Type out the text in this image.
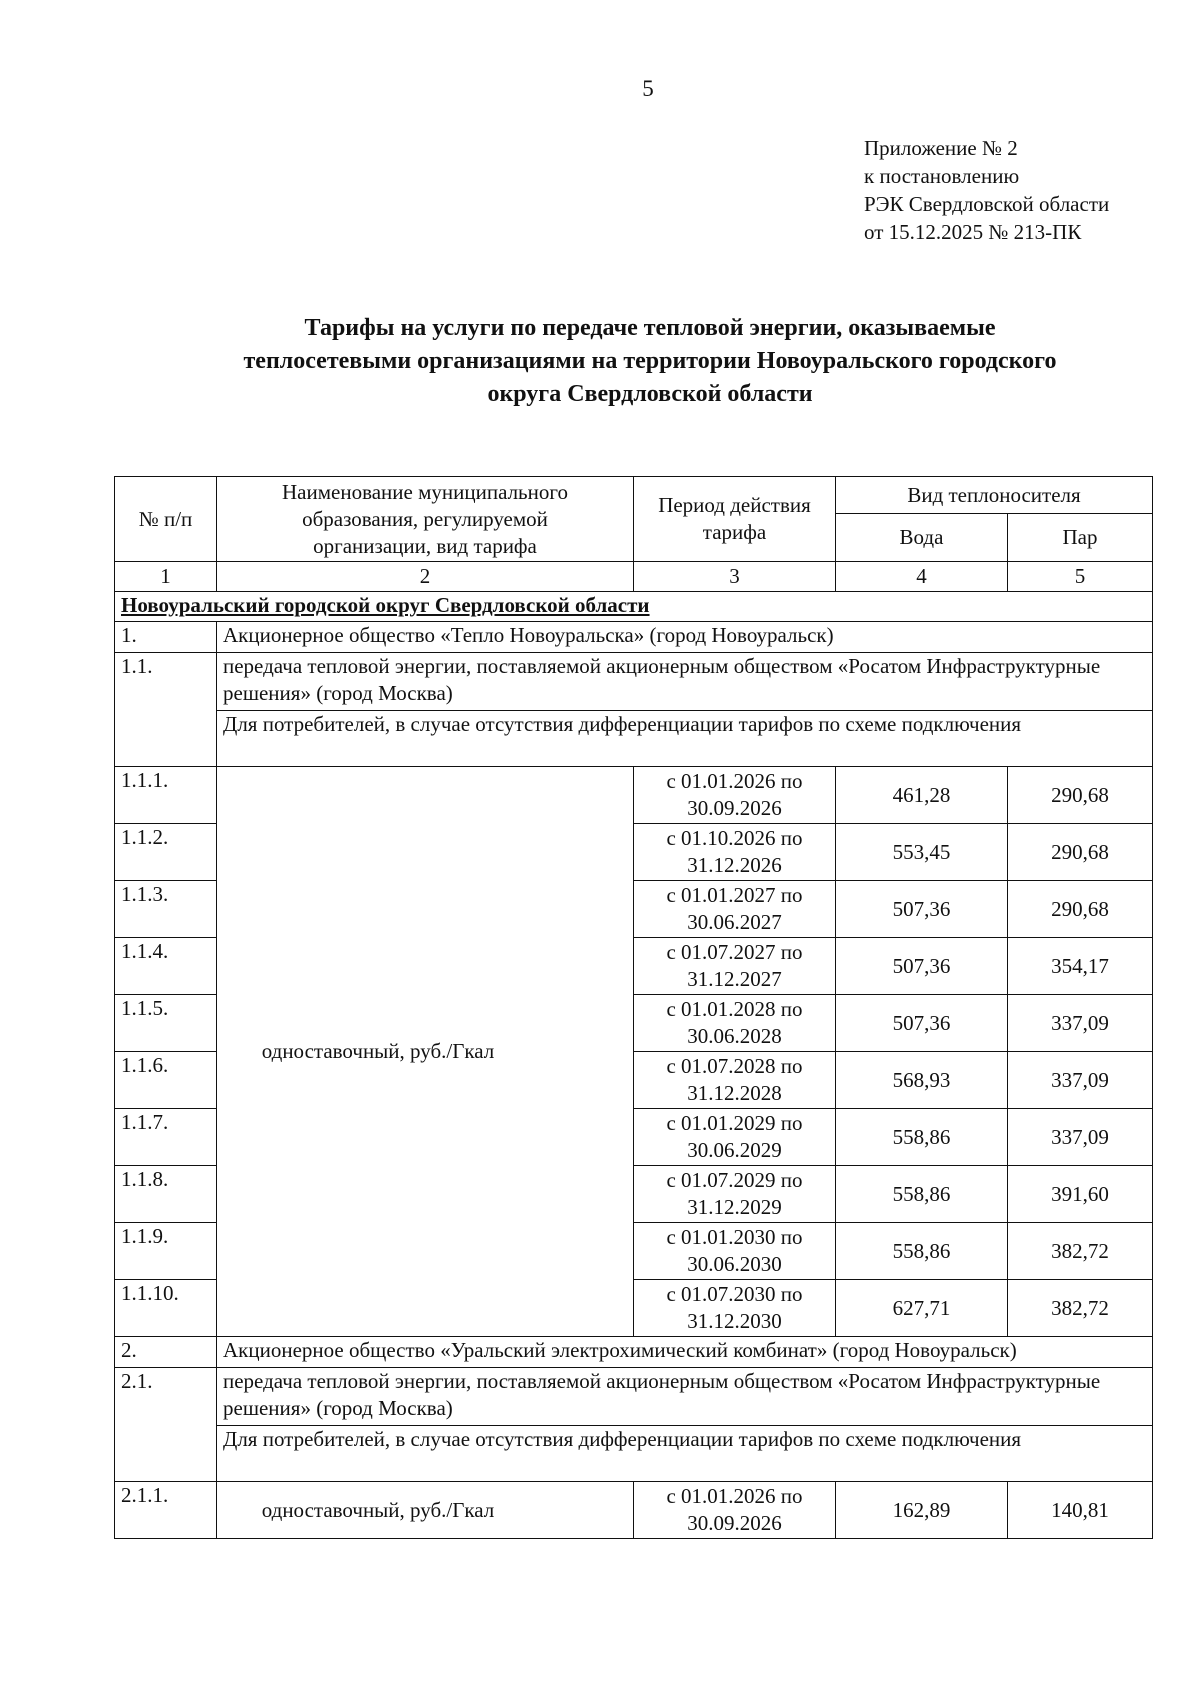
5
Приложение № 2
к постановлению
РЭК Свердловской области
от 15.12.2025 № 213-ПК
Тарифы на услуги по передаче тепловой энергии, оказываемые
теплосетевыми организациями на территории Новоуральского городского
округа Свердловской области
№ п/п	Наименование муниципального образования, регулируемой организации, вид тарифа	Период действия тарифа	Вид теплоносителя	
			Вода	Пар
1	2	3	4	5
Новоуральский городской округ Свердловской области				
1.	Акционерное общество «Тепло Новоуральска» (город Новоуральск)			
1.1.	передача тепловой энергии, поставляемой акционерным обществом «Росатом Инфраструктурные решения» (город Москва)			
	Для потребителей, в случае отсутствия дифференциации тарифов по схеме подключения			
1.1.1.	одноставочный, руб./Гкал	с 01.01.2026 по 30.09.2026	461,28	290,68
1.1.2.		с 01.10.2026 по 31.12.2026	553,45	290,68
1.1.3.		с 01.01.2027 по 30.06.2027	507,36	290,68
1.1.4.		с 01.07.2027 по 31.12.2027	507,36	354,17
1.1.5.		с 01.01.2028 по 30.06.2028	507,36	337,09
1.1.6.		с 01.07.2028 по 31.12.2028	568,93	337,09
1.1.7.		с 01.01.2029 по 30.06.2029	558,86	337,09
1.1.8.		с 01.07.2029 по 31.12.2029	558,86	391,60
1.1.9.		с 01.01.2030 по 30.06.2030	558,86	382,72
1.1.10.		с 01.07.2030 по 31.12.2030	627,71	382,72
2.	Акционерное общество «Уральский электрохимический комбинат» (город Новоуральск)			
2.1.	передача тепловой энергии, поставляемой акционерным обществом «Росатом Инфраструктурные решения» (город Москва)			
	Для потребителей, в случае отсутствия дифференциации тарифов по схеме подключения			
2.1.1.	одноставочный, руб./Гкал	с 01.01.2026 по 30.09.2026	162,89	140,81
